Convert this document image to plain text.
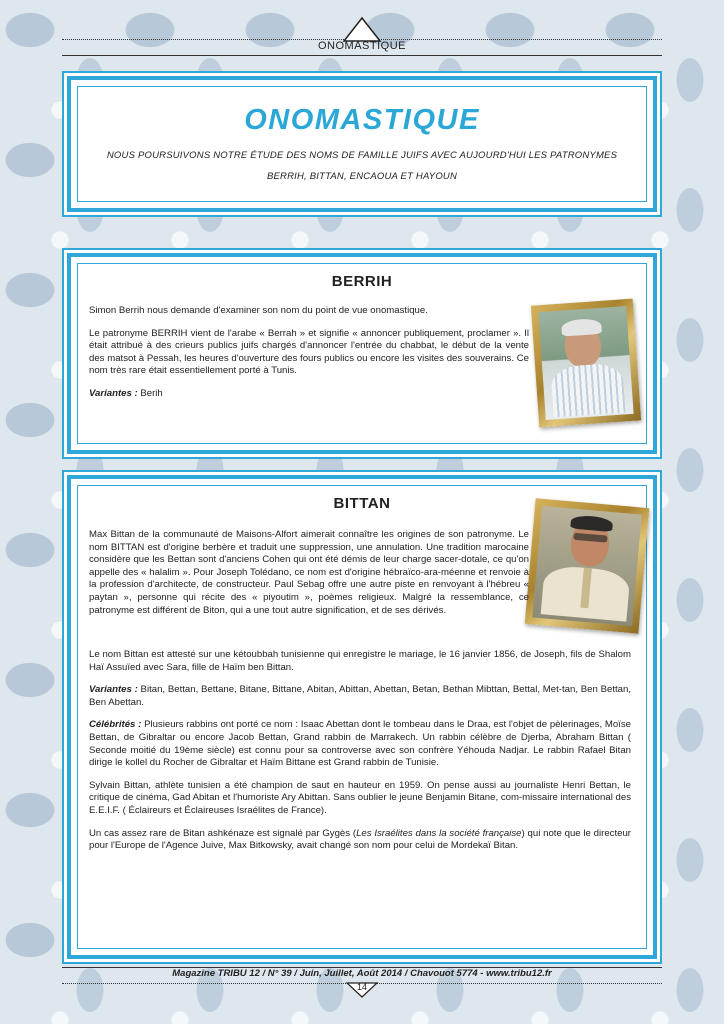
ONOMASTIQUE
ONOMASTIQUE
NOUS POURSUIVONS NOTRE ÉTUDE DES NOMS DE FAMILLE JUIFS AVEC AUJOURD'HUI LES PATRONYMES
BERRIH, BITTAN, ENCAOUA ET HAYOUN
BERRIH

Simon Berrih nous demande d'examiner son nom du point de vue onomastique.

Le patronyme BERRIH vient de l'arabe « Berrah » et signifie « annoncer publiquement, proclamer ». Il était attribué à des crieurs publics juifs chargés d'annoncer l'entrée du chabbat, le début de la vente des matsot à Pessah, les heures d'ouverture des fours publics ou encore les visites des souverains. Ce nom très rare était essentiellement porté à Tunis.

Variantes : Berih

BITTAN

Max Bittan de la communauté de Maisons-Alfort aimerait connaître les origines de son patronyme. Le nom BITTAN est d'origine berbère et traduit une suppression, une annulation. Une tradition marocaine considère que les Bettan sont d'anciens Cohen qui ont été démis de leur charge sacer-dotale, ce qu'on appelle des « halalim ». Pour Joseph Tolédano, ce nom est d'origine hébraïco-ara-méenne et renvoie à la profession d'architecte, de constructeur. Paul Sebag offre une autre piste en renvoyant à l'hébreu « paytan », personne qui récite des « piyoutim », poèmes religieux. Malgré la ressemblance, ce patronyme est différent de Biton, qui a une tout autre signification, et de ses dérivés.

Le nom Bittan est attesté sur une kétoubbah tunisienne qui enregistre le mariage, le 16 janvier 1856, de Joseph, fils de Shalom Haï Assuïed avec Sara, fille de Haïm ben Bittan.

Variantes : Bitan, Bettan, Bettane, Bitane, Bittane, Abitan, Abittan, Abettan, Betan, Bethan Mibttan, Bettal, Met-tan, Ben Bettan, Ben Abettan.

Célébrités : Plusieurs rabbins ont porté ce nom : Isaac Abettan dont le tombeau dans le Draa, est l'objet de pèlerinages, Moïse Bettan, de Gibraltar ou encore Jacob Bettan, Grand rabbin de Marrakech. Un rabbin célèbre de Djerba, Abraham Bittan ( Seconde moitié du 19ème siècle) est connu pour sa controverse avec son confrère Yéhouda Nadjar. Le rabbin Rafael Bitan dirige le kollel du Rocher de Gibraltar et Haïm Bittane est Grand rabbin de Tunisie.

Sylvain Bittan, athlète tunisien a été champion de saut en hauteur en 1959. On pense aussi au journaliste Henri Bettan, le critique de cinéma, Gad Abitan et l'humoriste Ary Abittan. Sans oublier le jeune Benjamin Bitane, com-missaire international des E.E.I.F. ( Éclaireurs et Éclaireuses Israélites de France).

Un cas assez rare de Bitan ashkénaze est signalé par Gygès (Les Israélites dans la société française) qui note que le directeur pour l'Europe de l'Agence Juive, Max Bitkowsky, avait changé son nom pour celui de Mordekaï Bitan.

Magazine TRIBU 12 / N° 39 / Juin, Juillet, Août 2014 / Chavouot 5774 - www.tribu12.fr
14
